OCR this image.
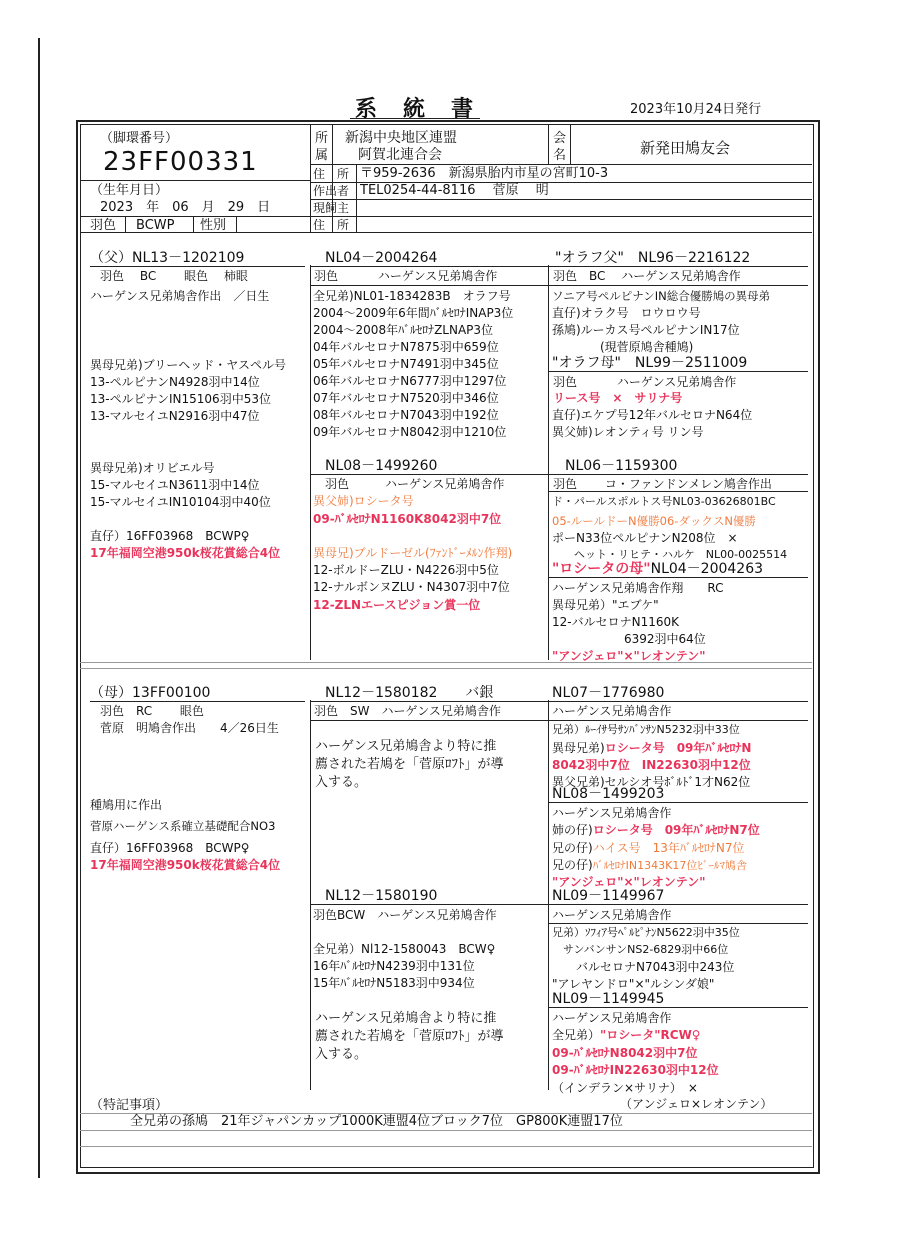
系　統　書	2023年10月24日発行
（脚環番号）
23FF00331
（生年月日）
2023　年　06　月　29　日
羽色 BCWP 性別
所
属
新潟中央地区連盟
阿賀北連合会
会
名	新発田鳩友会
住　所 〒959-2636　新潟県胎内市星の宮町10-3
作出者 TEL0254-44-8116　 菅原　 明
現飼主
住　所
（父）NL13－1202109
羽色　 BC　　 眼色　 柿眼
ハーゲンス兄弟鳩舎作出　／日生
異母兄弟)ブリーヘッド・ヤスペル号
13-ペルピナンN4928羽中14位
13-ペルピナンIN15106羽中53位
13-マルセイユN2916羽中47位
異母兄弟)オリビエル号
15-マルセイユN3611羽中14位
15-マルセイユIN10104羽中40位
直仔）16FF03968　BCWP♀
17年福岡空港950k桜花賞総合4位
NL04－2004264
羽色　　　 ハーゲンス兄弟鳩舎作
全兄弟)NL01-1834283B　オラフ号
2004～2009年6年間ﾊﾞﾙｾﾛﾅINAP3位
2004～2008年ﾊﾞﾙｾﾛﾅZLNAP3位
04年バルセロナN7875羽中659位
05年バルセロナN7491羽中345位
06年バルセロナN6777羽中1297位
07年バルセロナN7520羽中346位
08年バルセロナN7043羽中192位
09年バルセロナN8042羽中1210位
"オラフ父"　NL96－2216122
羽色　BC　 ハーゲンス兄弟鳩舎作
ソニア号ペルピナンIN総合優勝鳩の異母弟
直仔)オラク号　ロウロウ号
孫鳩)ルーカス号ペルピナンIN17位
　　　　(現菅原鳩舎種鳩)
"オラフ母"　NL99－2511009
羽色　　　 ハーゲンス兄弟鳩舎作
リース号　×　サリナ号
直仔)エケプ号12年バルセロナN64位
異父姉)レオンティ号 リン号
NL08－1499260
羽色　　　ハーゲンス兄弟鳩舎作
異父姉)ロシータ号
09-ﾊﾞﾙｾﾛﾅN1160K8042羽中7位
異母兄)ブルドーゼル(ﾌｧﾝﾄﾞｰﾒﾙﾝ作翔)
12-ボルドーZLU・N4226羽中5位
12-ナルボンヌZLU・N4307羽中7位
12-ZLNエースピジョン賞一位
NL06－1159300
羽色　　 コ・ファンドンメレン鳩舎作出
ド・パールスポルトス号NL03-03626801BC
05-ルールドーN優勝06-ダックスN優勝
ポーN33位ペルピナンN208位　×
　　ヘット・リヒテ・ハルケ　NL00-0025514
"ロシータの母"NL04－2004263
ハーゲンス兄弟鳩舎作翔　　RC
異母兄弟）"エブケ"
12-バルセロナN1160K
　　　　　　6392羽中64位
"アンジェロ"×"レオンテン"
（母）13FF00100
羽色　RC　　 眼色
菅原　明鳩舎作出　　4／26日生
種鳩用に作出
菅原ハーゲンス系確立基礎配合NO3
直仔）16FF03968　BCWP♀
17年福岡空港950k桜花賞総合4位
NL12－1580182　　バ銀
羽色　SW　ハーゲンス兄弟鳩舎作
ハーゲンス兄弟鳩舎より特に推
薦された若鳩を「菅原ﾛﾌﾄ」が導
入する。
NL07－1776980
ハーゲンス兄弟鳩舎作
兄弟）ﾙｰｲｻ号ｻﾝﾊﾞﾝｻﾝN5232羽中33位
異母兄弟)ロシータ号　09年ﾊﾞﾙｾﾛﾅN
8042羽中7位　IN22630羽中12位
異父兄弟)セルシオ号ﾎﾞﾙﾄﾞ1才N62位
NL08－1499203
ハーゲンス兄弟鳩舎作
姉の仔)ロシータ号　09年ﾊﾞﾙｾﾛﾅN7位
兄の仔)ハイス号　13年ﾊﾞﾙｾﾛﾅN7位
兄の仔)ﾊﾞﾙｾﾛﾅIN1343K17位ﾋﾞｰﾙﾏ鳩舎
"アンジェロ"×"レオンテン"
NL12－1580190
羽色BCW　ハーゲンス兄弟鳩舎作
全兄弟）Nl12-1580043　BCW♀
16年ﾊﾞﾙｾﾛﾅN4239羽中131位
15年ﾊﾞﾙｾﾛﾅN5183羽中934位
ハーゲンス兄弟鳩舎より特に推
薦された若鳩を「菅原ﾛﾌﾄ」が導
入する。
NL09－1149967
ハーゲンス兄弟鳩舎作
兄弟）ｿﾌｨｱ号ﾍﾟﾙﾋﾟﾅﾝN5622羽中35位
　サンバンサンNS2-6829羽中66位
　　バルセロナN7043羽中243位
"アレヤンドロ"×"ルシンダ娘"
NL09－1149945
ハーゲンス兄弟鳩舎作
全兄弟）"ロシータ"RCW♀
09-ﾊﾞﾙｾﾛﾅN8042羽中7位
09-ﾊﾞﾙｾﾛﾅIN22630羽中12位
（インデラン×サリナ）　×
（アンジェロ×レオンテン）
（特記事項）
全兄弟の孫鳩　21年ジャパンカップ1000K連盟4位ブロック7位　GP800K連盟17位
